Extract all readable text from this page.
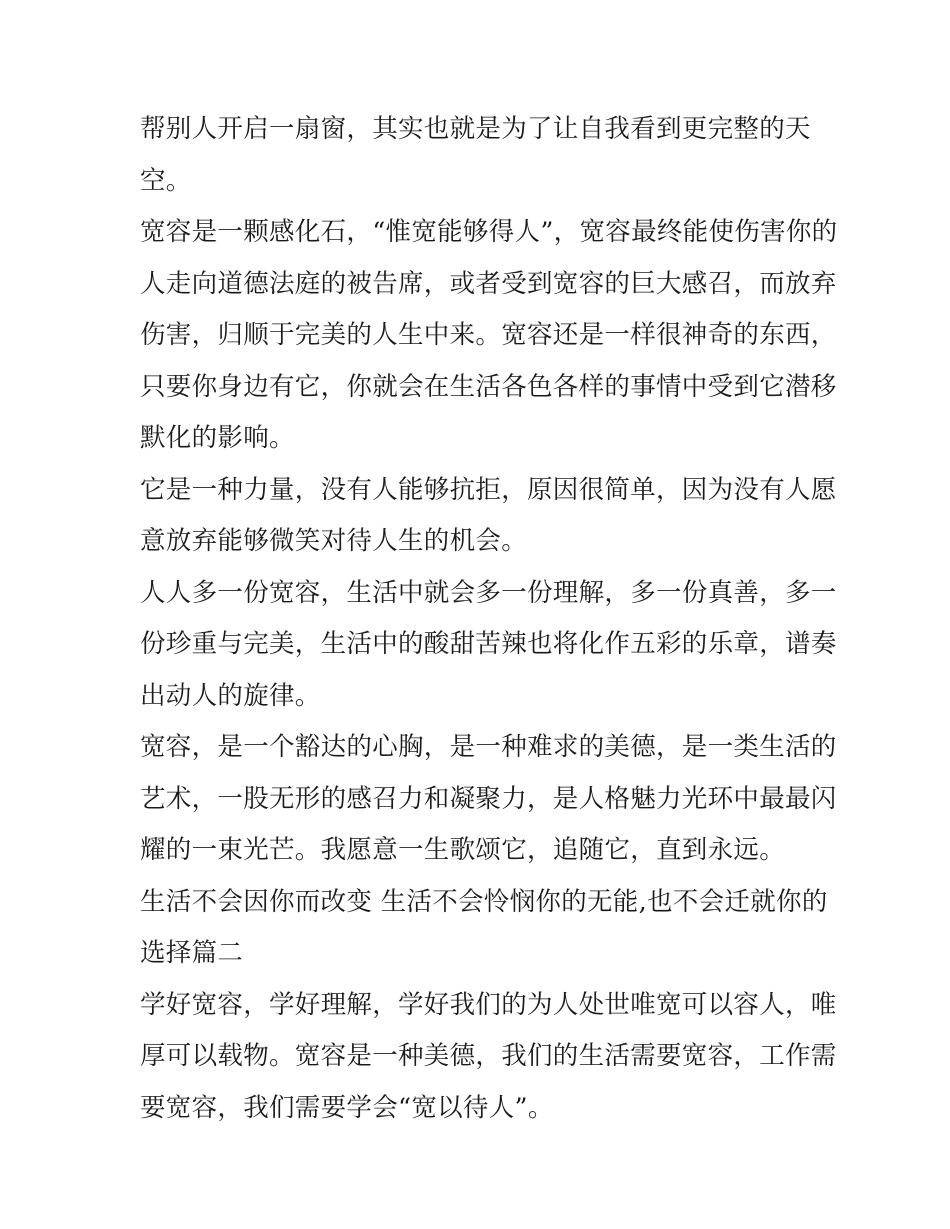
帮别人开启一扇窗，其实也就是为了让自我看到更完整的天
空。
宽容是一颗感化石，“惟宽能够得人”，宽容最终能使伤害你的
人走向道德法庭的被告席，或者受到宽容的巨大感召，而放弃
伤害，归顺于完美的人生中来。宽容还是一样很神奇的东西，
只要你身边有它，你就会在生活各色各样的事情中受到它潜移
默化的影响。
它是一种力量，没有人能够抗拒，原因很简单，因为没有人愿
意放弃能够微笑对待人生的机会。
人人多一份宽容，生活中就会多一份理解，多一份真善，多一
份珍重与完美，生活中的酸甜苦辣也将化作五彩的乐章，谱奏
出动人的旋律。
宽容，是一个豁达的心胸，是一种难求的美德，是一类生活的
艺术，一股无形的感召力和凝聚力，是人格魅力光环中最最闪
耀的一束光芒。我愿意一生歌颂它，追随它，直到永远。
生活不会因你而改变 生活不会怜悯你的无能,也不会迁就你的
选择篇二
学好宽容，学好理解，学好我们的为人处世唯宽可以容人，唯
厚可以载物。宽容是一种美德，我们的生活需要宽容，工作需
要宽容，我们需要学会“宽以待人”。
